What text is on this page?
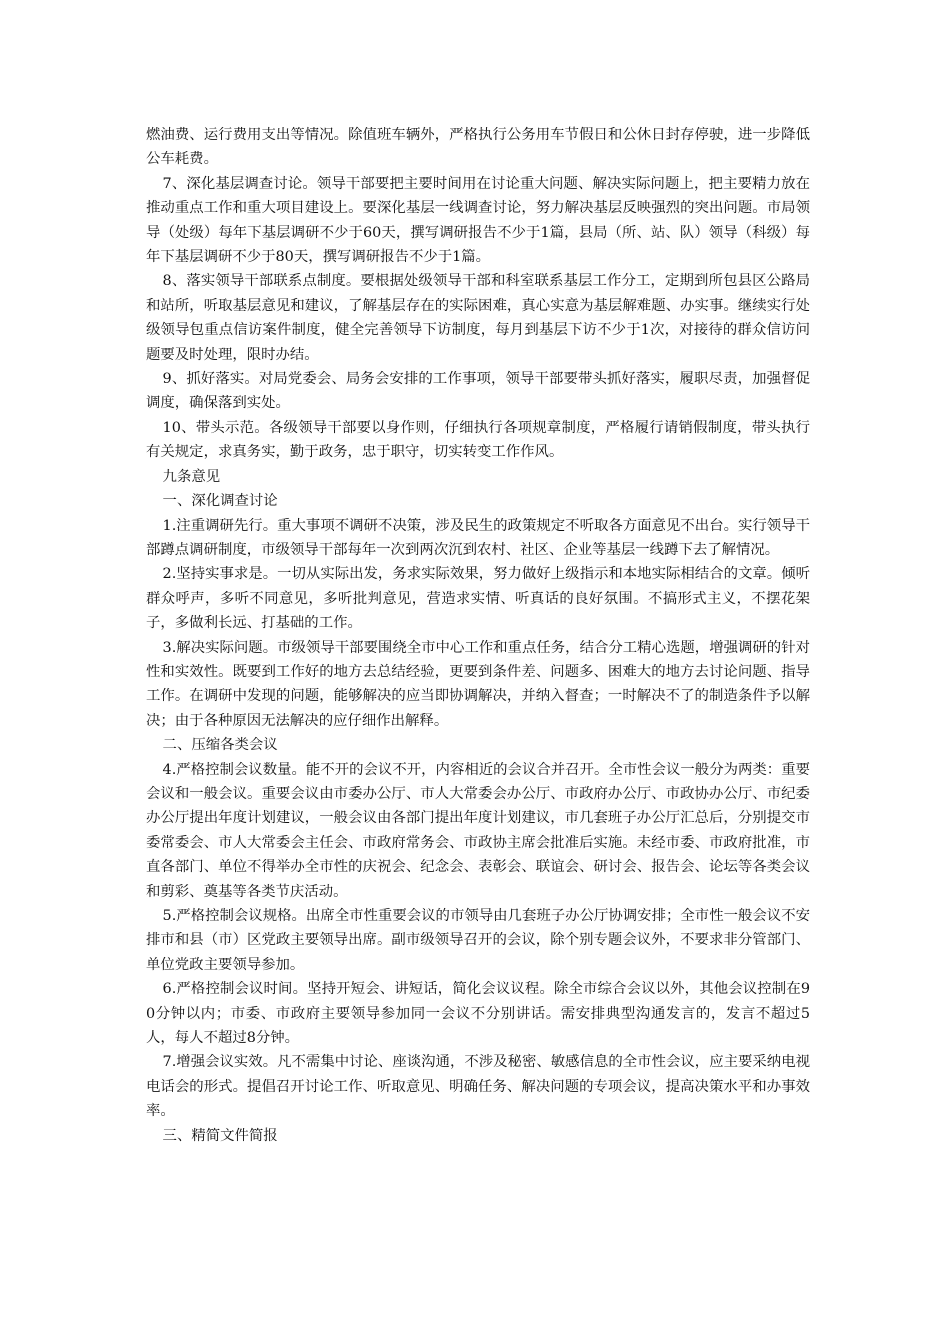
燃油费、运行费用支出等情况。除值班车辆外，严格执行公务用车节假日和公休日封存停驶，进一步降低公车耗费。

7、深化基层调查讨论。领导干部要把主要时间用在讨论重大问题、解决实际问题上，把主要精力放在推动重点工作和重大项目建设上。要深化基层一线调查讨论，努力解决基层反映强烈的突出问题。市局领导（处级）每年下基层调研不少于60天，撰写调研报告不少于1篇，县局（所、站、队）领导（科级）每年下基层调研不少于80天，撰写调研报告不少于1篇。

8、落实领导干部联系点制度。要根据处级领导干部和科室联系基层工作分工，定期到所包县区公路局和站所，听取基层意见和建议，了解基层存在的实际困难，真心实意为基层解难题、办实事。继续实行处级领导包重点信访案件制度，健全完善领导下访制度，每月到基层下访不少于1次，对接待的群众信访问题要及时处理，限时办结。

9、抓好落实。对局党委会、局务会安排的工作事项，领导干部要带头抓好落实，履职尽责，加强督促调度，确保落到实处。

10、带头示范。各级领导干部要以身作则，仔细执行各项规章制度，严格履行请销假制度，带头执行有关规定，求真务实，勤于政务，忠于职守，切实转变工作作风。

九条意见

一、深化调查讨论

1.注重调研先行。重大事项不调研不决策，涉及民生的政策规定不听取各方面意见不出台。实行领导干部蹲点调研制度，市级领导干部每年一次到两次沉到农村、社区、企业等基层一线蹲下去了解情况。

2.坚持实事求是。一切从实际出发，务求实际效果，努力做好上级指示和本地实际相结合的文章。倾听群众呼声，多听不同意见，多听批判意见，营造求实情、听真话的良好氛围。不搞形式主义，不摆花架子，多做利长远、打基础的工作。

3.解决实际问题。市级领导干部要围绕全市中心工作和重点任务，结合分工精心选题，增强调研的针对性和实效性。既要到工作好的地方去总结经验，更要到条件差、问题多、困难大的地方去讨论问题、指导工作。在调研中发现的问题，能够解决的应当即协调解决，并纳入督查；一时解决不了的制造条件予以解决；由于各种原因无法解决的应仔细作出解释。

二、压缩各类会议

4.严格控制会议数量。能不开的会议不开，内容相近的会议合并召开。全市性会议一般分为两类：重要会议和一般会议。重要会议由市委办公厅、市人大常委会办公厅、市政府办公厅、市政协办公厅、市纪委办公厅提出年度计划建议，一般会议由各部门提出年度计划建议，市几套班子办公厅汇总后，分别提交市委常委会、市人大常委会主任会、市政府常务会、市政协主席会批准后实施。未经市委、市政府批准，市直各部门、单位不得举办全市性的庆祝会、纪念会、表彰会、联谊会、研讨会、报告会、论坛等各类会议和剪彩、奠基等各类节庆活动。

5.严格控制会议规格。出席全市性重要会议的市领导由几套班子办公厅协调安排；全市性一般会议不安排市和县（市）区党政主要领导出席。副市级领导召开的会议，除个别专题会议外，不要求非分管部门、单位党政主要领导参加。

6.严格控制会议时间。坚持开短会、讲短话，简化会议议程。除全市综合会议以外，其他会议控制在90分钟以内；市委、市政府主要领导参加同一会议不分别讲话。需安排典型沟通发言的，发言不超过5人，每人不超过8分钟。

7.增强会议实效。凡不需集中讨论、座谈沟通，不涉及秘密、敏感信息的全市性会议，应主要采纳电视电话会的形式。提倡召开讨论工作、听取意见、明确任务、解决问题的专项会议，提高决策水平和办事效率。

三、精简文件简报
